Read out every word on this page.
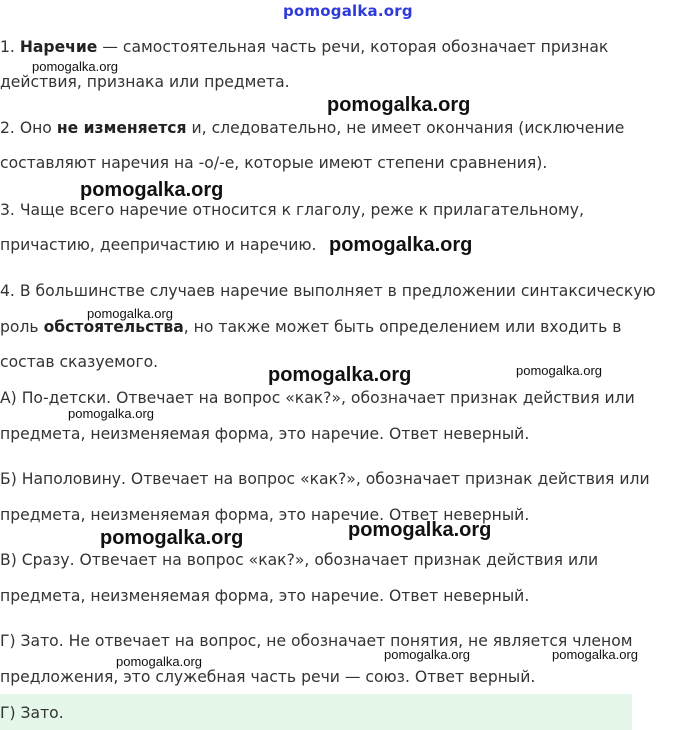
pomogalka.org
1. Наречие — самостоятельная часть речи, которая обозначает признак
действия, признака или предмета.
2. Оно не изменяется и, следовательно, не имеет окончания (исключение
составляют наречия на -о/-е, которые имеют степени сравнения).
3. Чаще всего наречие относится к глаголу, реже к прилагательному,
причастию, деепричастию и наречию.
4. В большинстве случаев наречие выполняет в предложении синтаксическую
роль обстоятельства, но также может быть определением или входить в
состав сказуемого.
А) По-детски. Отвечает на вопрос «как?», обозначает признак действия или
предмета, неизменяемая форма, это наречие. Ответ неверный.
Б) Наполовину. Отвечает на вопрос «как?», обозначает признак действия или
предмета, неизменяемая форма, это наречие. Ответ неверный.
В) Сразу. Отвечает на вопрос «как?», обозначает признак действия или
предмета, неизменяемая форма, это наречие. Ответ неверный.
Г) Зато. Не отвечает на вопрос, не обозначает понятия, не является членом
предложения, это служебная часть речи — союз. Ответ верный.
Г) Зато.
pomogalka.org
pomogalka.org
pomogalka.org
pomogalka.org
pomogalka.org
pomogalka.org	pomogalka.org
pomogalka.org
pomogalka.org
pomogalka.org
pomogalka.org	pomogalka.org
pomogalka.org
